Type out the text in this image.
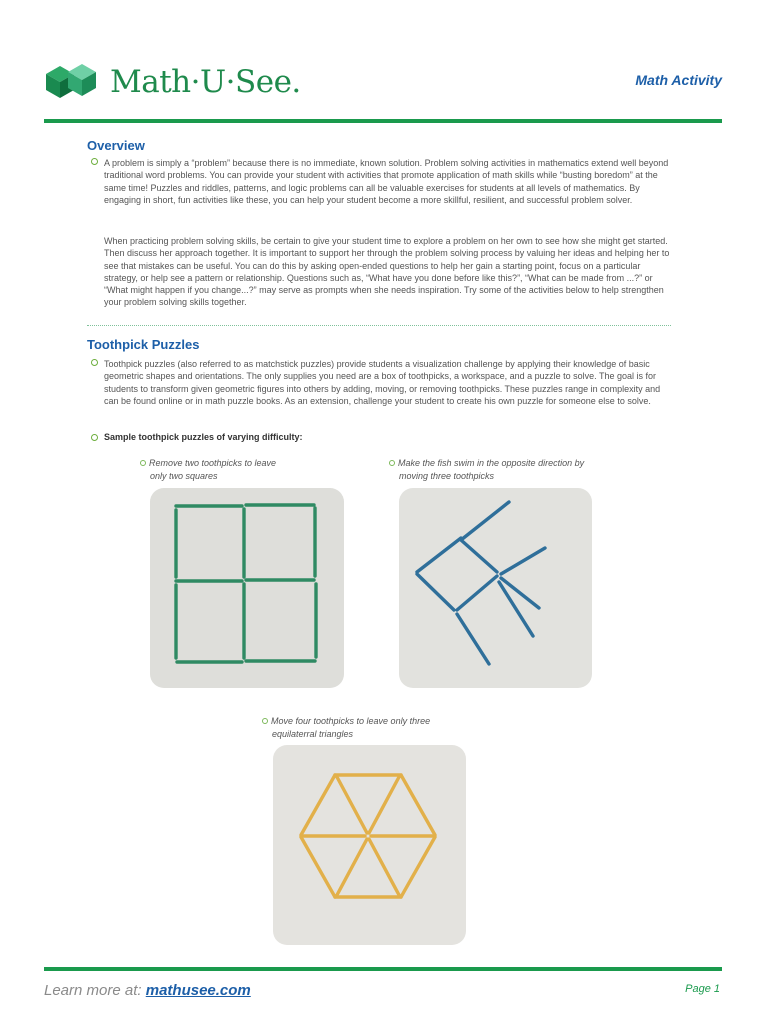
Math·U·See.	Math Activity
Overview

A problem is simply a “problem” because there is no immediate, known solution. Problem solving activities in mathematics extend well beyond traditional word problems. You can provide your student with activities that promote application of math skills while “busting boredom” at the same time! Puzzles and riddles, patterns, and logic problems can all be valuable exercises for students at all levels of mathematics. By engaging in short, fun activities like these, you can help your student become a more skillful, resilient, and successful problem solver.

When practicing problem solving skills, be certain to give your student time to explore a problem on her own to see how she might get started. Then discuss her approach together. It is important to support her through the problem solving process by valuing her ideas and helping her to see that mistakes can be useful. You can do this by asking open-ended questions to help her gain a starting point, focus on a particular strategy, or help see a pattern or relationship. Questions such as, “What have you done before like this?”, “What can be made from ...?” or “What might happen if you change...?” may serve as prompts when she needs inspiration. Try some of the activities below to help strengthen your problem solving skills together.

Toothpick Puzzles

Toothpick puzzles (also referred to as matchstick puzzles) provide students a visualization challenge by applying their knowledge of basic geometric shapes and orientations. The only supplies you need are a box of toothpicks, a workspace, and a puzzle to solve. The goal is for students to transform given geometric figures into others by adding, moving, or removing toothpicks. These puzzles range in complexity and can be found online or in math puzzle books. As an extension, challenge your student to create his own puzzle for someone else to solve.

Sample toothpick puzzles of varying difficulty:
Remove two toothpicks to leave
only two squares
Make the fish swim in the opposite direction by
moving three toothpicks
Move four toothpicks to leave only three
equilaterral triangles
Learn more at: mathusee.com	Page 1
